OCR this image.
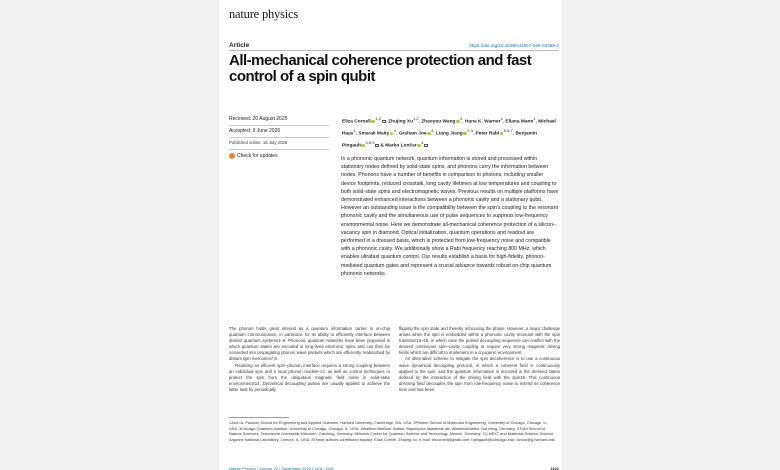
nature physics
Article	https://doi.org/10.1038/s41567-026-03369-2
All-mechanical coherence protection and fast control of a spin qubit
Received: 20 August 2025
Accepted: 9 June 2026
Published online: 15 July 2026
Check for updates

Eliza Cornell$^{1,2}$, Zhujing Xu$^{1,2}$, Zhaoyou Wang$^3$, Hana K. Warner$^4$, Eliana Mann$^1$, Michael Haas$^1$, Smarak Maity$^4$, Graham Joe$^4$, Liang Jiang$^{2,3}$, Peter Rabl$^{5,6,7}$, Benjamin Pingault$^{4,8,9}$ & Marko Lončar$^4$

In a phononic quantum network, quantum information is stored and processed within stationary nodes defined by solid-state spins, and phonons carry the information between nodes. Phonons have a number of benefits in comparison to photons, including smaller device footprints, reduced crosstalk, long cavity lifetimes at low temperatures and coupling to both solid-state spins and electromagnetic waves. Previous results on multiple platforms have demonstrated enhanced interactions between a phononic cavity and a stationary qubit. However an outstanding issue is the compatibility between the spin's coupling to the resonant phononic cavity and the simultaneous use of pulse sequences to suppress low-frequency environmental noise. Here we demonstrate all-mechanical coherence protection of a silicon–vacancy spin in diamond. Optical initialization, quantum operations and readout are performed in a dressed basis, which is protected from low-frequency noise and compatible with a phononic cavity. We additionally show a Rabi frequency reaching 800 MHz, which enables ultrafast quantum control. Our results establish a basis for high-fidelity, phonon-mediated quantum gates and represent a crucial advance towards robust on-chip quantum phononic networks.

The phonon holds great interest as a quantum information carrier in on-chip quantum communication, in particular, for its ability to efficiently interface between distinct quantum systems1–6. Phononic quantum networks have been proposed in which quantum states are encoded in long-lived electronic spins and can then be converted into propagating phonon wave packets which are efficiently reabsorbed by distant spin memories7,8.

Realizing an efficient spin–phonon interface requires a strong coupling between an individual spin and a local phonon mode9–13, as well as control techniques to protect the spin from the ubiquitous magnetic field noise in solid-state environments14. Dynamical decoupling pulses are usually applied to achieve the latter task by periodically

flipping the spin state and thereby refocusing the phase. However, a major challenge arises when the spin is embedded within a phononic cavity resonant with the spin transition15–18, in which case the pulsed decoupling sequence can conflict with the desired continuous spin–cavity coupling or require very strong magnetic driving fields which are difficult to implement in a cryogenic environment.

An alternative scheme to mitigate the spin decoherence is to use a continuous wave dynamical decoupling protocol, in which a coherent field is continuously applied to the spin, and the quantum information is encoded in the dressed states defined by the interaction of the driving field with the spin19. This continuous dressing field decouples the spin from low-frequency noise to extend its coherence time and has been

1John A. Paulson School for Engineering and Applied Sciences, Harvard University, Cambridge, MA, USA. 2Pritzker School of Molecular Engineering, University of Chicago, Chicago, IL, USA. 3Chicago Quantum Institute, University of Chicago, Chicago, IL, USA. 4Walther-Meißner-Institut, Bayerische Akademie der Wissenschaften, Garching, Germany. 5TUM School of Natural Sciences, Technische Universität München, Garching, Germany. 6Munich Center for Quantum Science and Technology, Munich, Germany. 7Q-NEXT and Materials Science Division, Argonne National Laboratory, Lemont, IL, USA. 8These authors contributed equally: Eliza Cornell, Zhujing Xu. e-mail: ebcornell@gmail.com; bpingault@uchicago.edu; loncar@g.harvard.edu

Nature Physics | Volume 22 | September 2026 | 1101–1105	1101
